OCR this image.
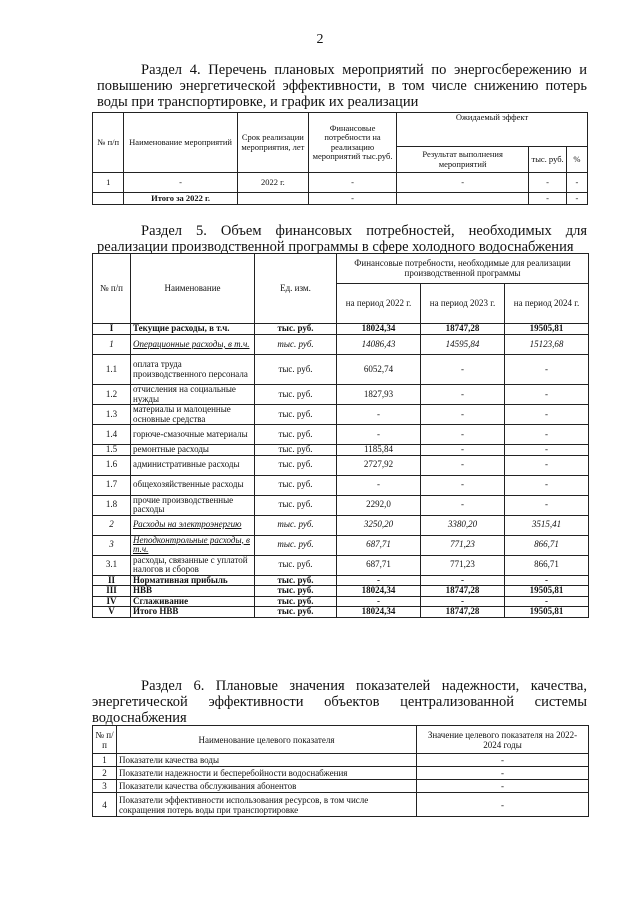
2

Раздел 4. Перечень плановых мероприятий по энергосбережению и повышению энергетической эффективности, в том числе снижению потерь воды при транспортировке, и график их реализации

№ п/п	Наименование мероприятий	Срок реализации мероприятия, лет	Финансовые потребности на реализацию мероприятий тыс.руб.	Ожидаемый эффект		
				Результат выполнения мероприятий	тыс. руб.	%
1	-	2022 г.	-	-	-	-
	Итого за 2022 г.		-		-	-

Раздел 5. Объем финансовых потребностей, необходимых для реализации производственной программы в сфере холодного водоснабжения

№ п/п	Наименование	Ед. изм.	Финансовые потребности, необходимые для реализации производственной программы		
			на период 2022 г.	на период 2023 г.	на период 2024 г.
I	Текущие расходы, в т.ч.	тыс. руб.	18024,34	18747,28	19505,81
1	Операционные расходы, в т.ч.	тыс. руб.	14086,43	14595,84	15123,68
1.1	оплата труда производственного персонала	тыс. руб.	6052,74	-	-
1.2	отчисления на социальные нужды	тыс. руб.	1827,93	-	-
1.3	материалы и малоценные основные средства	тыс. руб.	-	-	-
1.4	горюче-смазочные материалы	тыс. руб.	-	-	-
1.5	ремонтные расходы	тыс. руб.	1185,84	-	-
1.6	административные расходы	тыс. руб.	2727,92	-	-
1.7	общехозяйственные расходы	тыс. руб.	-	-	-
1.8	прочие производственные расходы	тыс. руб.	2292,0	-	-
2	Расходы на электроэнергию	тыс. руб.	3250,20	3380,20	3515,41
3	Неподконтрольные расходы, в т.ч.	тыс. руб.	687,71	771,23	866,71
3.1	расходы, связанные с уплатой налогов и сборов	тыс. руб.	687,71	771,23	866,71
II	Нормативная прибыль	тыс. руб.	-	-	-
III	НВВ	тыс. руб.	18024,34	18747,28	19505,81
IV	Сглаживание	тыс. руб.	-	-	-
V	Итого НВВ	тыс. руб.	18024,34	18747,28	19505,81

Раздел 6. Плановые значения показателей надежности, качества, энергетической эффективности объектов централизованной системы водоснабжения

№ п/п	Наименование целевого показателя	Значение целевого показателя на 2022-2024 годы
1	Показатели качества воды	-
2	Показатели надежности и бесперебойности водоснабжения	-
3	Показатели качества обслуживания абонентов	-
4	Показатели эффективности использования ресурсов, в том числе сокращения потерь воды при транспортировке	-
